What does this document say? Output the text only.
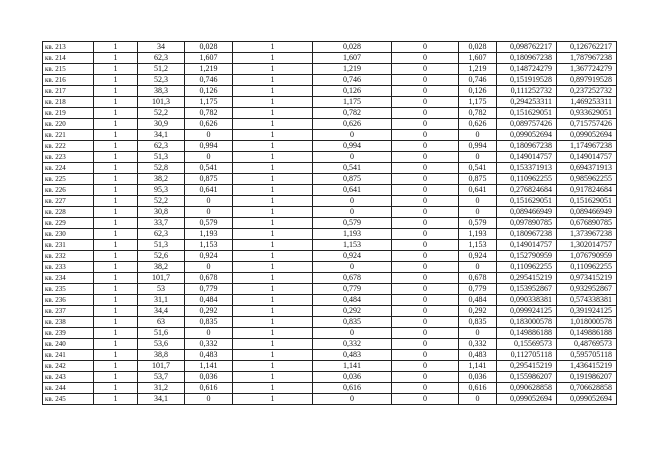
кв. 213	1	34	0,028	1	0,028	0	0,028	0,098762217	0,126762217
кв. 214	1	62,3	1,607	1	1,607	0	1,607	0,180967238	1,787967238
кв. 215	1	51,2	1,219	1	1,219	0	1,219	0,148724279	1,367724279
кв. 216	1	52,3	0,746	1	0,746	0	0,746	0,151919528	0,897919528
кв. 217	1	38,3	0,126	1	0,126	0	0,126	0,111252732	0,237252732
кв. 218	1	101,3	1,175	1	1,175	0	1,175	0,294253311	1,469253311
кв. 219	1	52,2	0,782	1	0,782	0	0,782	0,151629051	0,933629051
кв. 220	1	30,9	0,626	1	0,626	0	0,626	0,089757426	0,715757426
кв. 221	1	34,1	0	1	0	0	0	0,099052694	0,099052694
кв. 222	1	62,3	0,994	1	0,994	0	0,994	0,180967238	1,174967238
кв. 223	1	51,3	0	1	0	0	0	0,149014757	0,149014757
кв. 224	1	52,8	0,541	1	0,541	0	0,541	0,153371913	0,694371913
кв. 225	1	38,2	0,875	1	0,875	0	0,875	0,110962255	0,985962255
кв. 226	1	95,3	0,641	1	0,641	0	0,641	0,276824684	0,917824684
кв. 227	1	52,2	0	1	0	0	0	0,151629051	0,151629051
кв. 228	1	30,8	0	1	0	0	0	0,089466949	0,089466949
кв. 229	1	33,7	0,579	1	0,579	0	0,579	0,097890785	0,676890785
кв. 230	1	62,3	1,193	1	1,193	0	1,193	0,180967238	1,373967238
кв. 231	1	51,3	1,153	1	1,153	0	1,153	0,149014757	1,302014757
кв. 232	1	52,6	0,924	1	0,924	0	0,924	0,152790959	1,076790959
кв. 233	1	38,2	0	1	0	0	0	0,110962255	0,110962255
кв. 234	1	101,7	0,678	1	0,678	0	0,678	0,295415219	0,973415219
кв. 235	1	53	0,779	1	0,779	0	0,779	0,153952867	0,932952867
кв. 236	1	31,1	0,484	1	0,484	0	0,484	0,090338381	0,574338381
кв. 237	1	34,4	0,292	1	0,292	0	0,292	0,099924125	0,391924125
кв. 238	1	63	0,835	1	0,835	0	0,835	0,183000578	1,018000578
кв. 239	1	51,6	0	1	0	0	0	0,149886188	0,149886188
кв. 240	1	53,6	0,332	1	0,332	0	0,332	0,15569573	0,48769573
кв. 241	1	38,8	0,483	1	0,483	0	0,483	0,112705118	0,595705118
кв. 242	1	101,7	1,141	1	1,141	0	1,141	0,295415219	1,436415219
кв. 243	1	53,7	0,036	1	0,036	0	0,036	0,155986207	0,191986207
кв. 244	1	31,2	0,616	1	0,616	0	0,616	0,090628858	0,706628858
кв. 245	1	34,1	0	1	0	0	0	0,099052694	0,099052694
